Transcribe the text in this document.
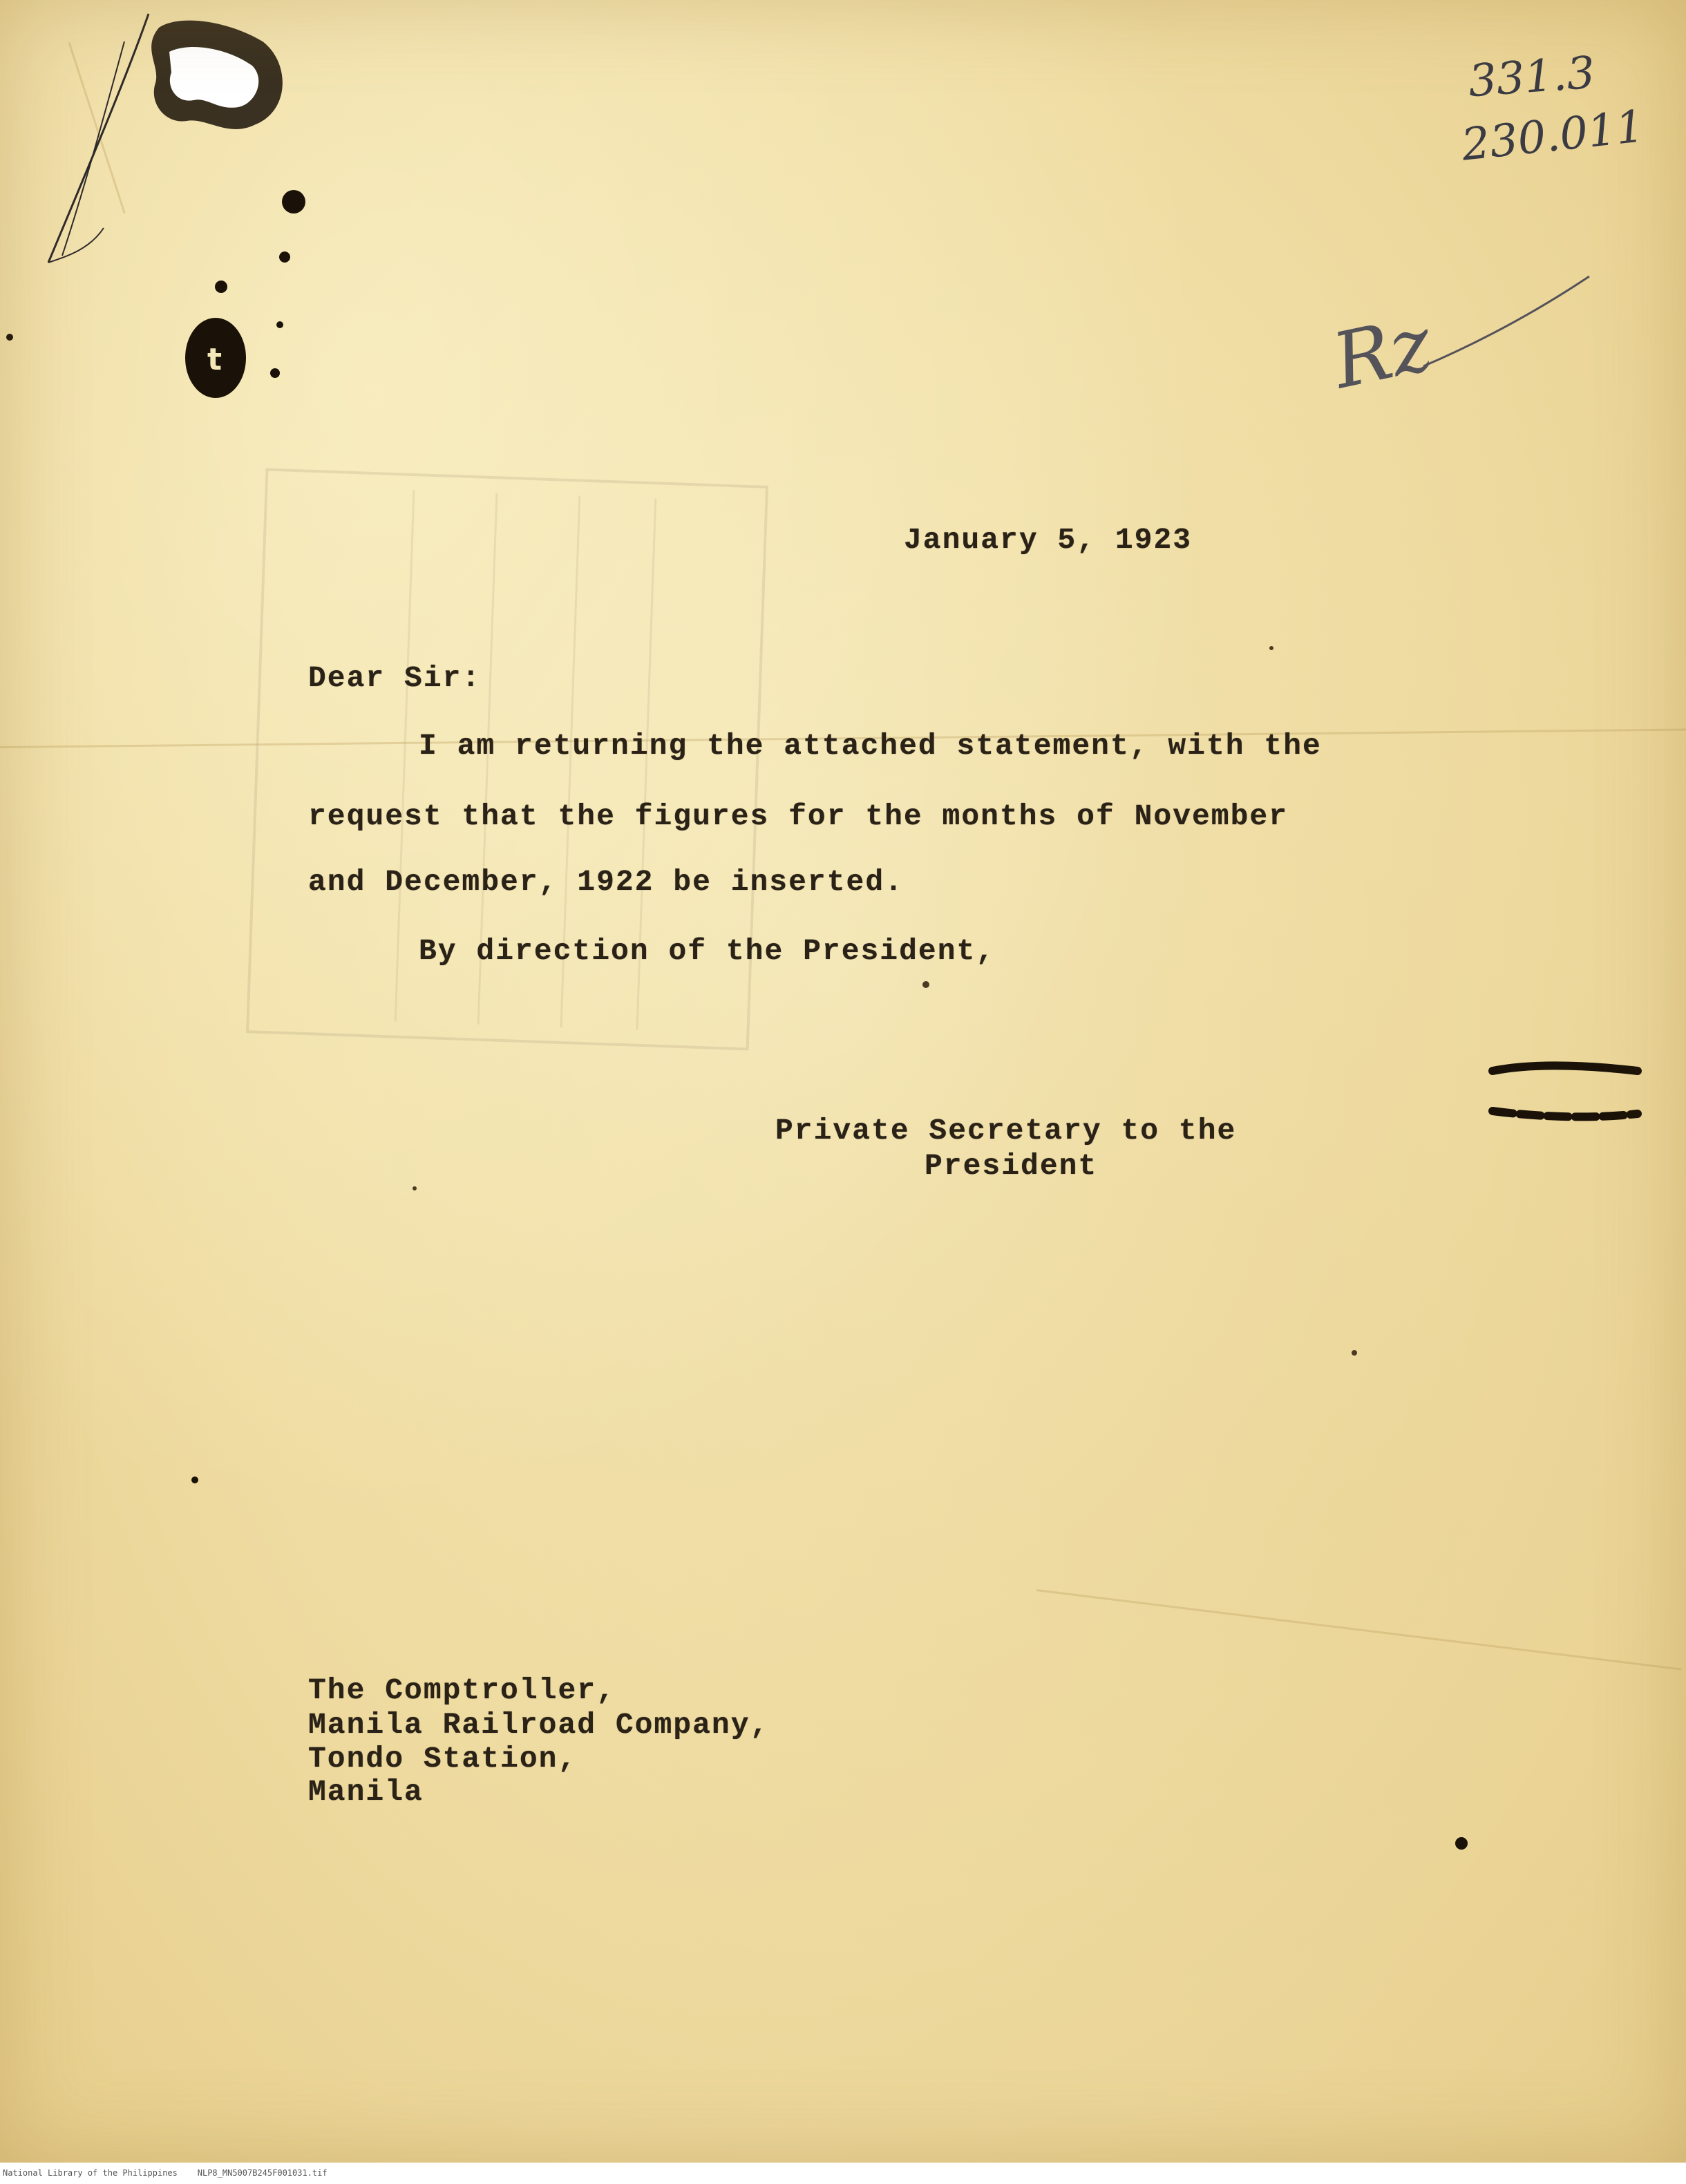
t
331.3
230.011
Rz
January 5, 1923
Dear Sir:
I am returning the attached statement, with the
request that the figures for the months of November
and December, 1922 be inserted.
By direction of the President,
Private Secretary to the
President
The Comptroller,
Manila Railroad Company,
Tondo Station,
Manila
National Library of the Philippines    NLP8_MN5007B245F001031.tif
